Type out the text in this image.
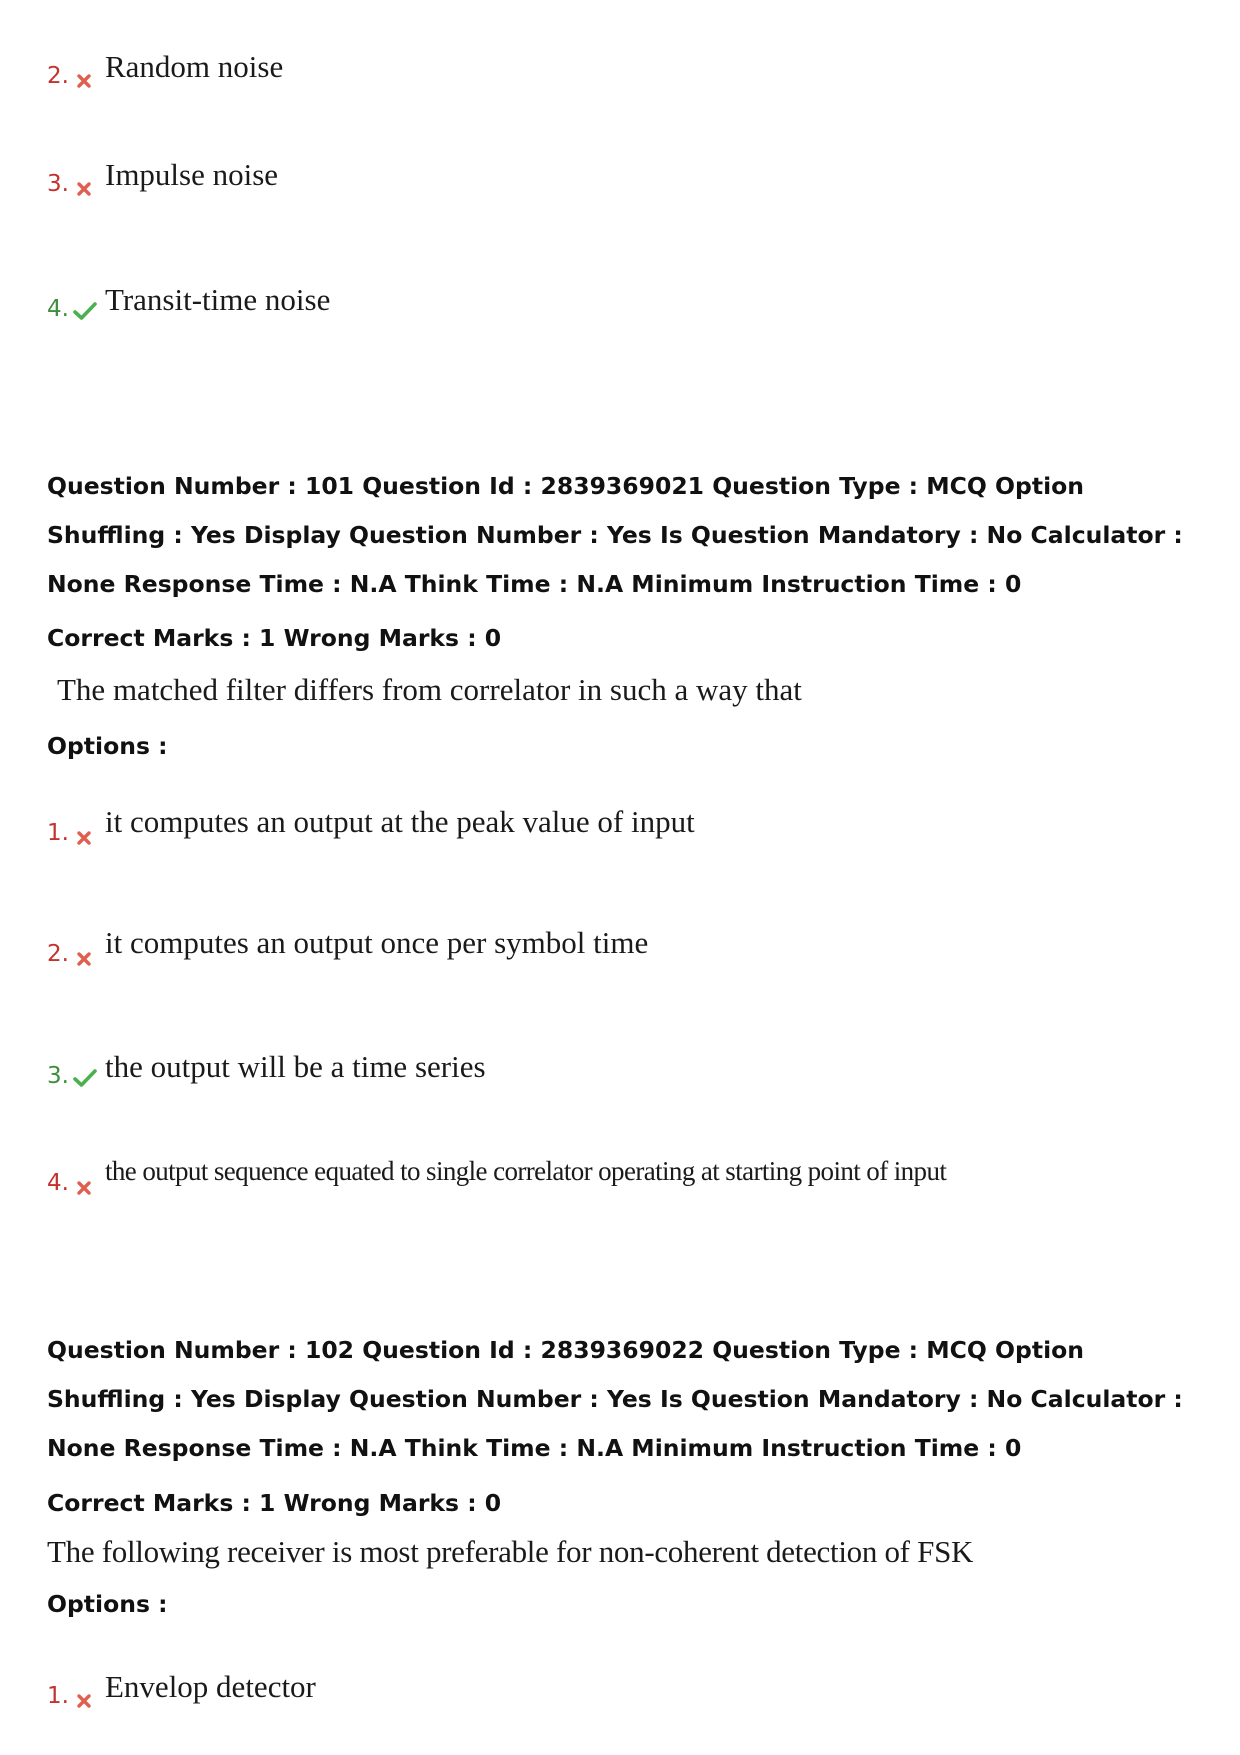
2. Random noise
3. Impulse noise
4. Transit-time noise
Question Number : 101 Question Id : 2839369021 Question Type : MCQ Option Shuffling : Yes Display Question Number : Yes Is Question Mandatory : No Calculator : None Response Time : N.A Think Time : N.A Minimum Instruction Time : 0
Correct Marks : 1 Wrong Marks : 0
The matched filter differs from correlator in such a way that
Options :
1. it computes an output at the peak value of input
2. it computes an output once per symbol time
3. the output will be a time series
4. the output sequence equated to single correlator operating at starting point of input
Question Number : 102 Question Id : 2839369022 Question Type : MCQ Option Shuffling : Yes Display Question Number : Yes Is Question Mandatory : No Calculator : None Response Time : N.A Think Time : N.A Minimum Instruction Time : 0
Correct Marks : 1 Wrong Marks : 0
The following receiver is most preferable for non-coherent detection of FSK
Options :
1. Envelop detector
